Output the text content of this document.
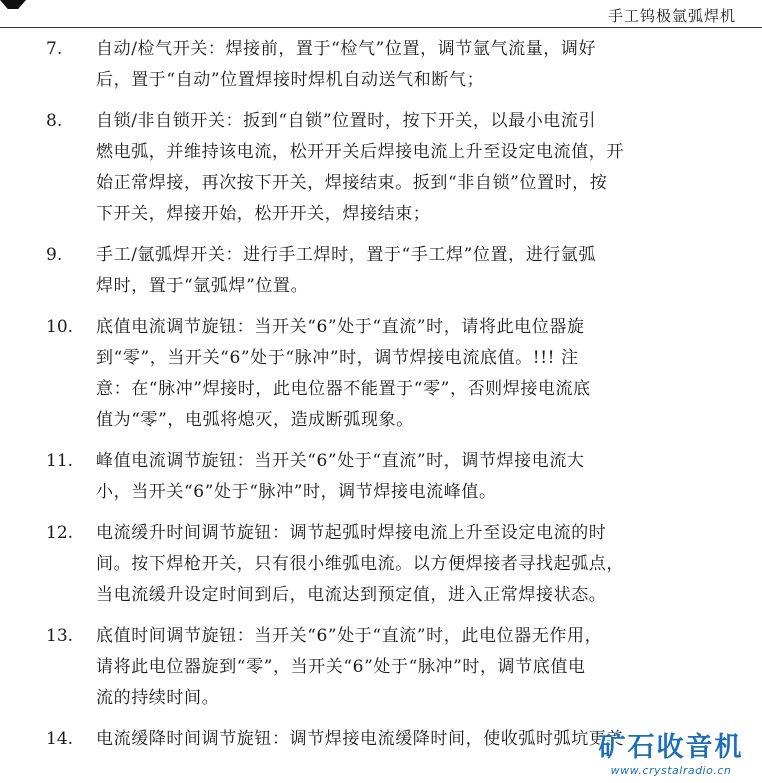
手工钨极氩弧焊机
7. 自动/检气开关：焊接前，置于“检气”位置，调节氩气流量，调好
后，置于“自动”位置焊接时焊机自动送气和断气；
8. 自锁/非自锁开关：扳到“自锁”位置时，按下开关，以最小电流引
燃电弧，并维持该电流，松开开关后焊接电流上升至设定电流值，开
始正常焊接，再次按下开关，焊接结束。扳到“非自锁”位置时，按
下开关，焊接开始，松开开关，焊接结束；
9. 手工/氩弧焊开关：进行手工焊时，置于“手工焊”位置，进行氩弧
焊时，置于“氩弧焊”位置。
10. 底值电流调节旋钮：当开关“6”处于“直流”时，请将此电位器旋
到“零”，当开关“6”处于“脉冲”时，调节焊接电流底值。!!! 注
意：在“脉冲”焊接时，此电位器不能置于“零”，否则焊接电流底
值为“零”，电弧将熄灭，造成断弧现象。
11. 峰值电流调节旋钮：当开关“6”处于“直流”时，调节焊接电流大
小，当开关“6”处于“脉冲”时，调节焊接电流峰值。
12. 电流缓升时间调节旋钮：调节起弧时焊接电流上升至设定电流的时
间。按下焊枪开关，只有很小维弧电流。以方便焊接者寻找起弧点，
当电流缓升设定时间到后，电流达到预定值，进入正常焊接状态。
13. 底值时间调节旋钮：当开关“6”处于“直流”时，此电位器无作用，
请将此电位器旋到“零”，当开关“6”处于“脉冲”时，调节底值电
流的持续时间。
14. 电流缓降时间调节旋钮：调节焊接电流缓降时间，使收弧时弧坑更美
矿石收音机
www.crystalradio.cn
